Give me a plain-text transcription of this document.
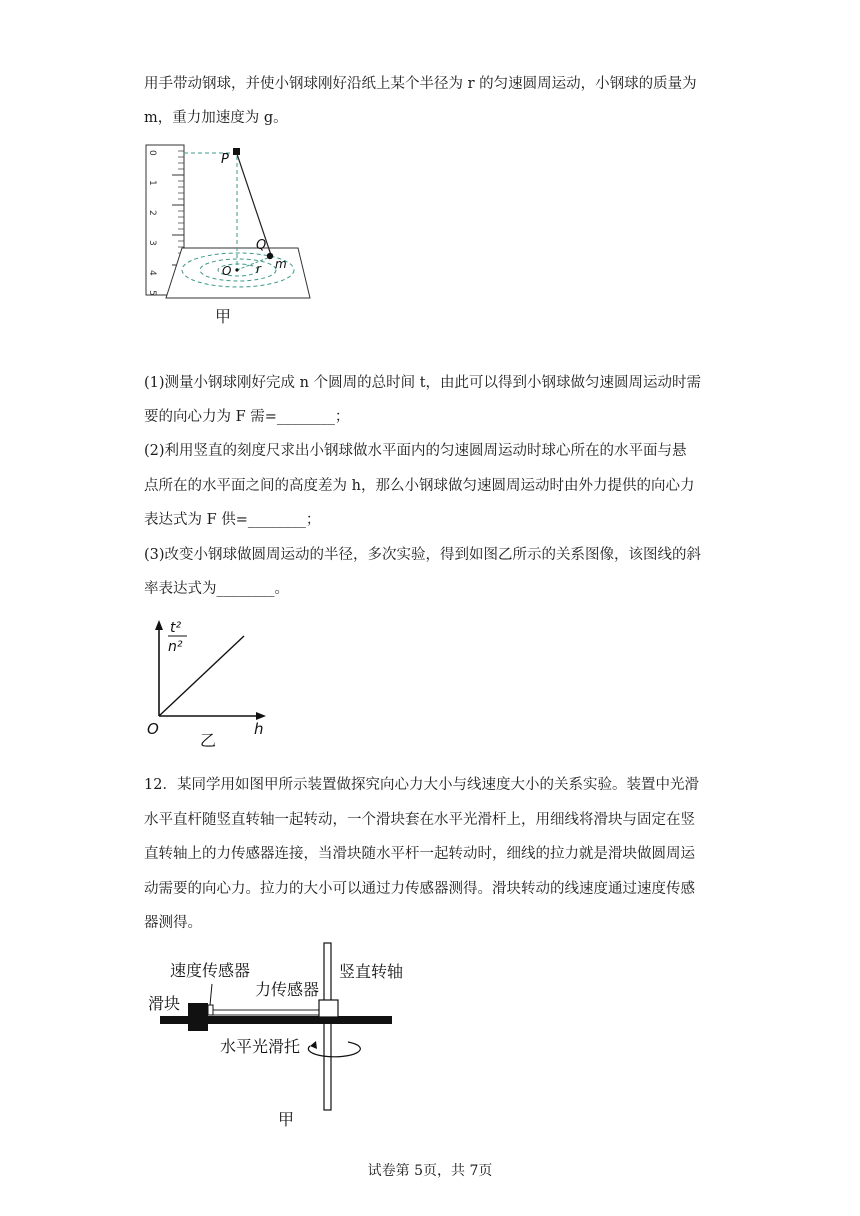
用手带动钢球，并使小钢球刚好沿纸上某个半径为 r 的匀速圆周运动，小钢球的质量为
m，重力加速度为 g。
0
1
2
3
4
5
P
Q
O r m
甲
(1)测量小钢球刚好完成 n 个圆周的总时间 t，由此可以得到小钢球做匀速圆周运动时需
要的向心力为 F 需=________；
(2)利用竖直的刻度尺求出小钢球做水平面内的匀速圆周运动时球心所在的水平面与悬
点所在的水平面之间的高度差为 h，那么小钢球做匀速圆周运动时由外力提供的向心力
表达式为 F 供=________；
(3)改变小钢球做圆周运动的半径，多次实验，得到如图乙所示的关系图像，该图线的斜
率表达式为________。
t²
n²
O	h
乙
12．某同学用如图甲所示装置做探究向心力大小与线速度大小的关系实验。装置中光滑
水平直杆随竖直转轴一起转动，一个滑块套在水平光滑杆上，用细线将滑块与固定在竖
直转轴上的力传感器连接，当滑块随水平杆一起转动时，细线的拉力就是滑块做圆周运
动需要的向心力。拉力的大小可以通过力传感器测得。滑块转动的线速度通过速度传感
器测得。
速度传感器	竖直转轴
力传感器
滑块
水平光滑托
甲
试卷第 5页，共 7页
